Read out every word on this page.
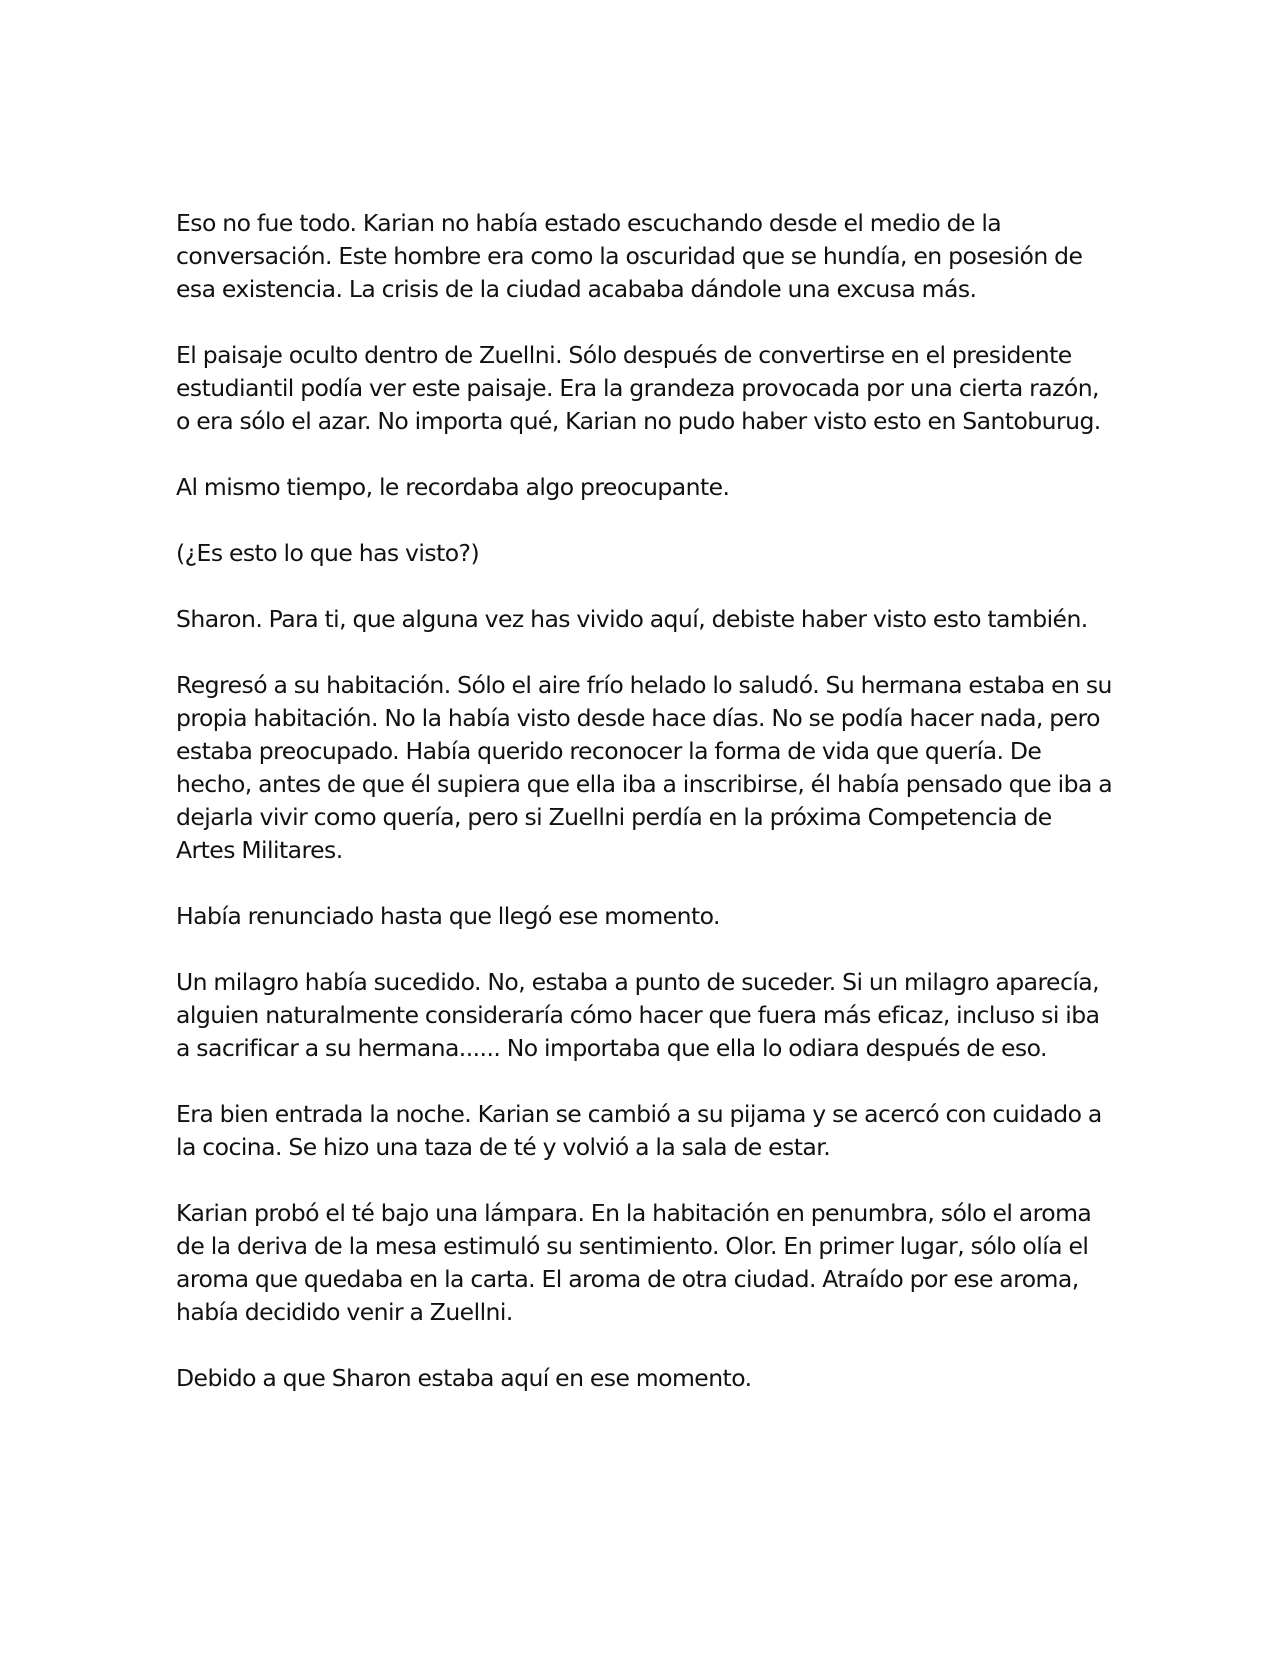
Eso no fue todo. Karian no había estado escuchando desde el medio de la conversación. Este hombre era como la oscuridad que se hundía, en posesión de esa existencia. La crisis de la ciudad acababa dándole una excusa más.

El paisaje oculto dentro de Zuellni. Sólo después de convertirse en el presidente estudiantil podía ver este paisaje. Era la grandeza provocada por una cierta razón, o era sólo el azar. No importa qué, Karian no pudo haber visto esto en Santoburug.

Al mismo tiempo, le recordaba algo preocupante.

(¿Es esto lo que has visto?)

Sharon. Para ti, que alguna vez has vivido aquí, debiste haber visto esto también.

Regresó a su habitación. Sólo el aire frío helado lo saludó. Su hermana estaba en su propia habitación. No la había visto desde hace días. No se podía hacer nada, pero estaba preocupado. Había querido reconocer la forma de vida que quería. De hecho, antes de que él supiera que ella iba a inscribirse, él había pensado que iba a dejarla vivir como quería, pero si Zuellni perdía en la próxima Competencia de Artes Militares.

Había renunciado hasta que llegó ese momento.

Un milagro había sucedido. No, estaba a punto de suceder. Si un milagro aparecía, alguien naturalmente consideraría cómo hacer que fuera más eficaz, incluso si iba a sacrificar a su hermana...... No importaba que ella lo odiara después de eso.

Era bien entrada la noche. Karian se cambió a su pijama y se acercó con cuidado a la cocina. Se hizo una taza de té y volvió a la sala de estar.

Karian probó el té bajo una lámpara. En la habitación en penumbra, sólo el aroma de la deriva de la mesa estimuló su sentimiento. Olor. En primer lugar, sólo olía el aroma que quedaba en la carta. El aroma de otra ciudad. Atraído por ese aroma, había decidido venir a Zuellni.

Debido a que Sharon estaba aquí en ese momento.
